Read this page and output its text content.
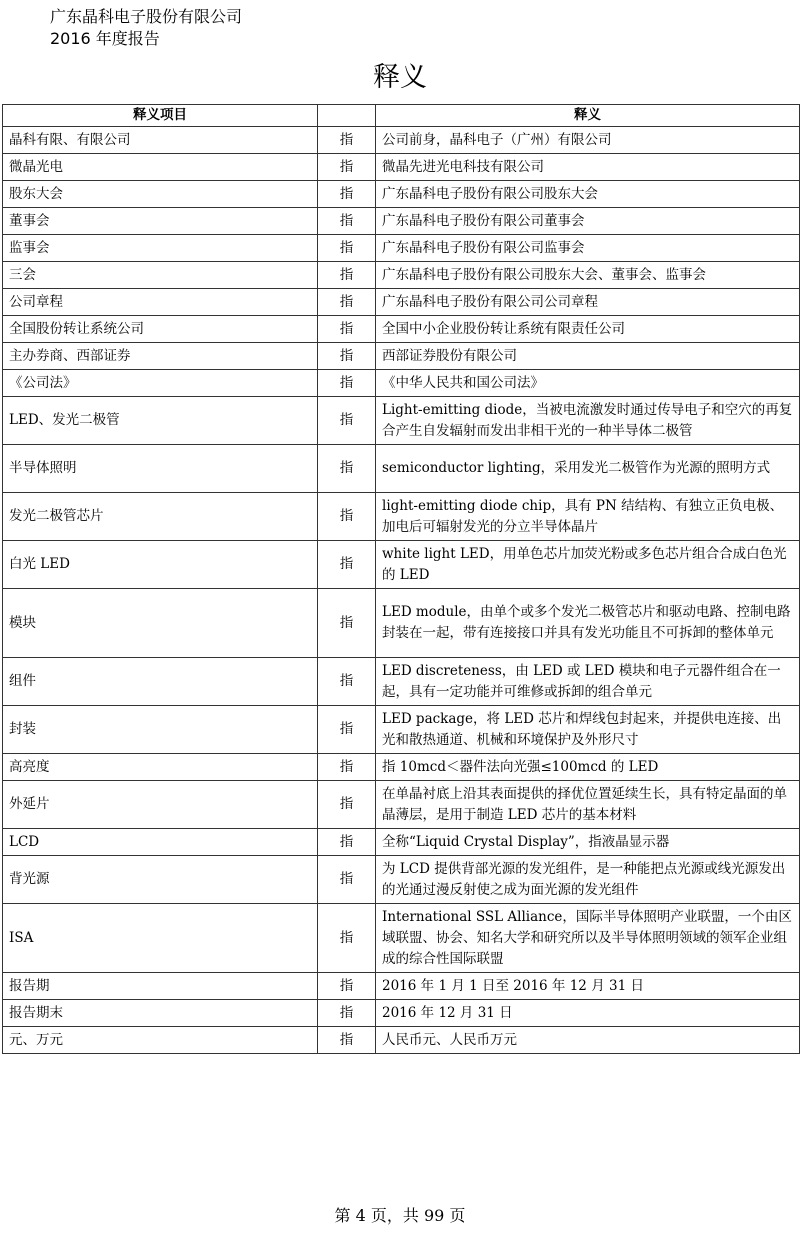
广东晶科电子股份有限公司
2016 年度报告
释义
释义项目		释义
晶科有限、有限公司	指	公司前身，晶科电子（广州）有限公司
微晶光电	指	微晶先进光电科技有限公司
股东大会	指	广东晶科电子股份有限公司股东大会
董事会	指	广东晶科电子股份有限公司董事会
监事会	指	广东晶科电子股份有限公司监事会
三会	指	广东晶科电子股份有限公司股东大会、董事会、监事会
公司章程	指	广东晶科电子股份有限公司公司章程
全国股份转让系统公司	指	全国中小企业股份转让系统有限责任公司
主办券商、西部证券	指	西部证券股份有限公司
《公司法》	指	《中华人民共和国公司法》
LED、发光二极管	指	Light-emitting diode，当被电流激发时通过传导电子和空穴的再复合产生自发辐射而发出非相干光的一种半导体二极管
半导体照明	指	semiconductor lighting，采用发光二极管作为光源的照明方式
发光二极管芯片	指	light-emitting diode chip，具有 PN 结结构、有独立正负电极、加电后可辐射发光的分立半导体晶片
白光 LED	指	white light LED，用单色芯片加荧光粉或多色芯片组合合成白色光的 LED
模块	指	LED module，由单个或多个发光二极管芯片和驱动电路、控制电路封装在一起，带有连接接口并具有发光功能且不可拆卸的整体单元
组件	指	LED discreteness，由 LED 或 LED 模块和电子元器件组合在一起，具有一定功能并可维修或拆卸的组合单元
封装	指	LED package，将 LED 芯片和焊线包封起来，并提供电连接、出光和散热通道、机械和环境保护及外形尺寸
高亮度	指	指 10mcd＜器件法向光强≤100mcd 的 LED
外延片	指	在单晶衬底上沿其表面提供的择优位置延续生长，具有特定晶面的单晶薄层，是用于制造 LED 芯片的基本材料
LCD	指	全称“Liquid Crystal Display”，指液晶显示器
背光源	指	为 LCD 提供背部光源的发光组件，是一种能把点光源或线光源发出的光通过漫反射使之成为面光源的发光组件
ISA	指	International SSL Alliance，国际半导体照明产业联盟，一个由区域联盟、协会、知名大学和研究所以及半导体照明领域的领军企业组成的综合性国际联盟
报告期	指	2016 年 1 月 1 日至 2016 年 12 月 31 日
报告期末	指	2016 年 12 月 31 日
元、万元	指	人民币元、人民币万元
第 4 页，共 99 页
